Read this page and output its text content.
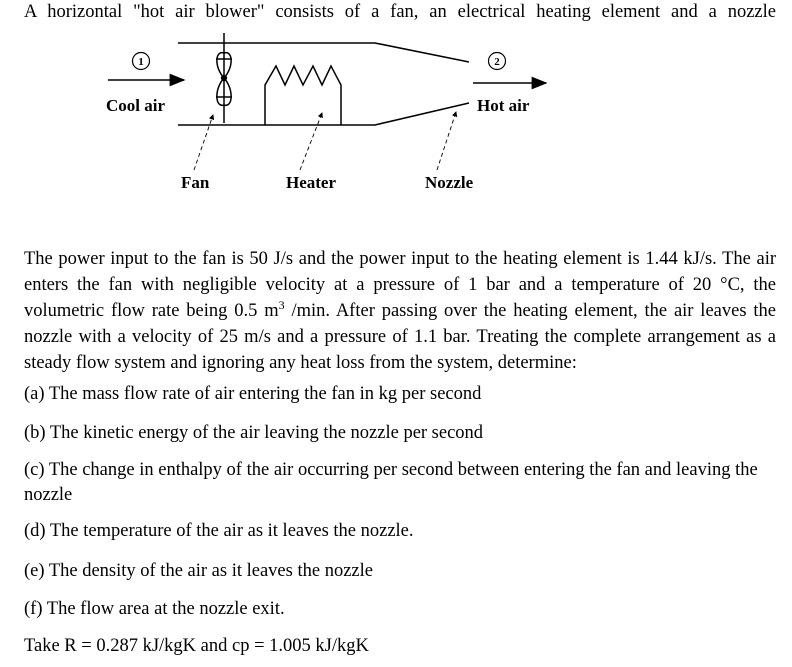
A horizontal "hot air blower" consists of a fan, an electrical heating element and a nozzle
1
Cool air
2
Hot air
Fan	Heater	Nozzle
The power input to the fan is 50 J/s and the power input to the heating element is 1.44 kJ/s. The air enters the fan with negligible velocity at a pressure of 1 bar and a temperature of 20 °C, the volumetric flow rate being 0.5 $m^3$ /min. After passing over the heating element, the air leaves the nozzle with a velocity of 25 m/s and a pressure of 1.1 bar. Treating the complete arrangement as a steady flow system and ignoring any heat loss from the system, determine:
(a) The mass flow rate of air entering the fan in kg per second
(b) The kinetic energy of the air leaving the nozzle per second
(c) The change in enthalpy of the air occurring per second between entering the fan and leaving the nozzle
(d) The temperature of the air as it leaves the nozzle.
(e) The density of the air as it leaves the nozzle
(f) The flow area at the nozzle exit.
Take R = 0.287 kJ/kgK and cp = 1.005 kJ/kgK
